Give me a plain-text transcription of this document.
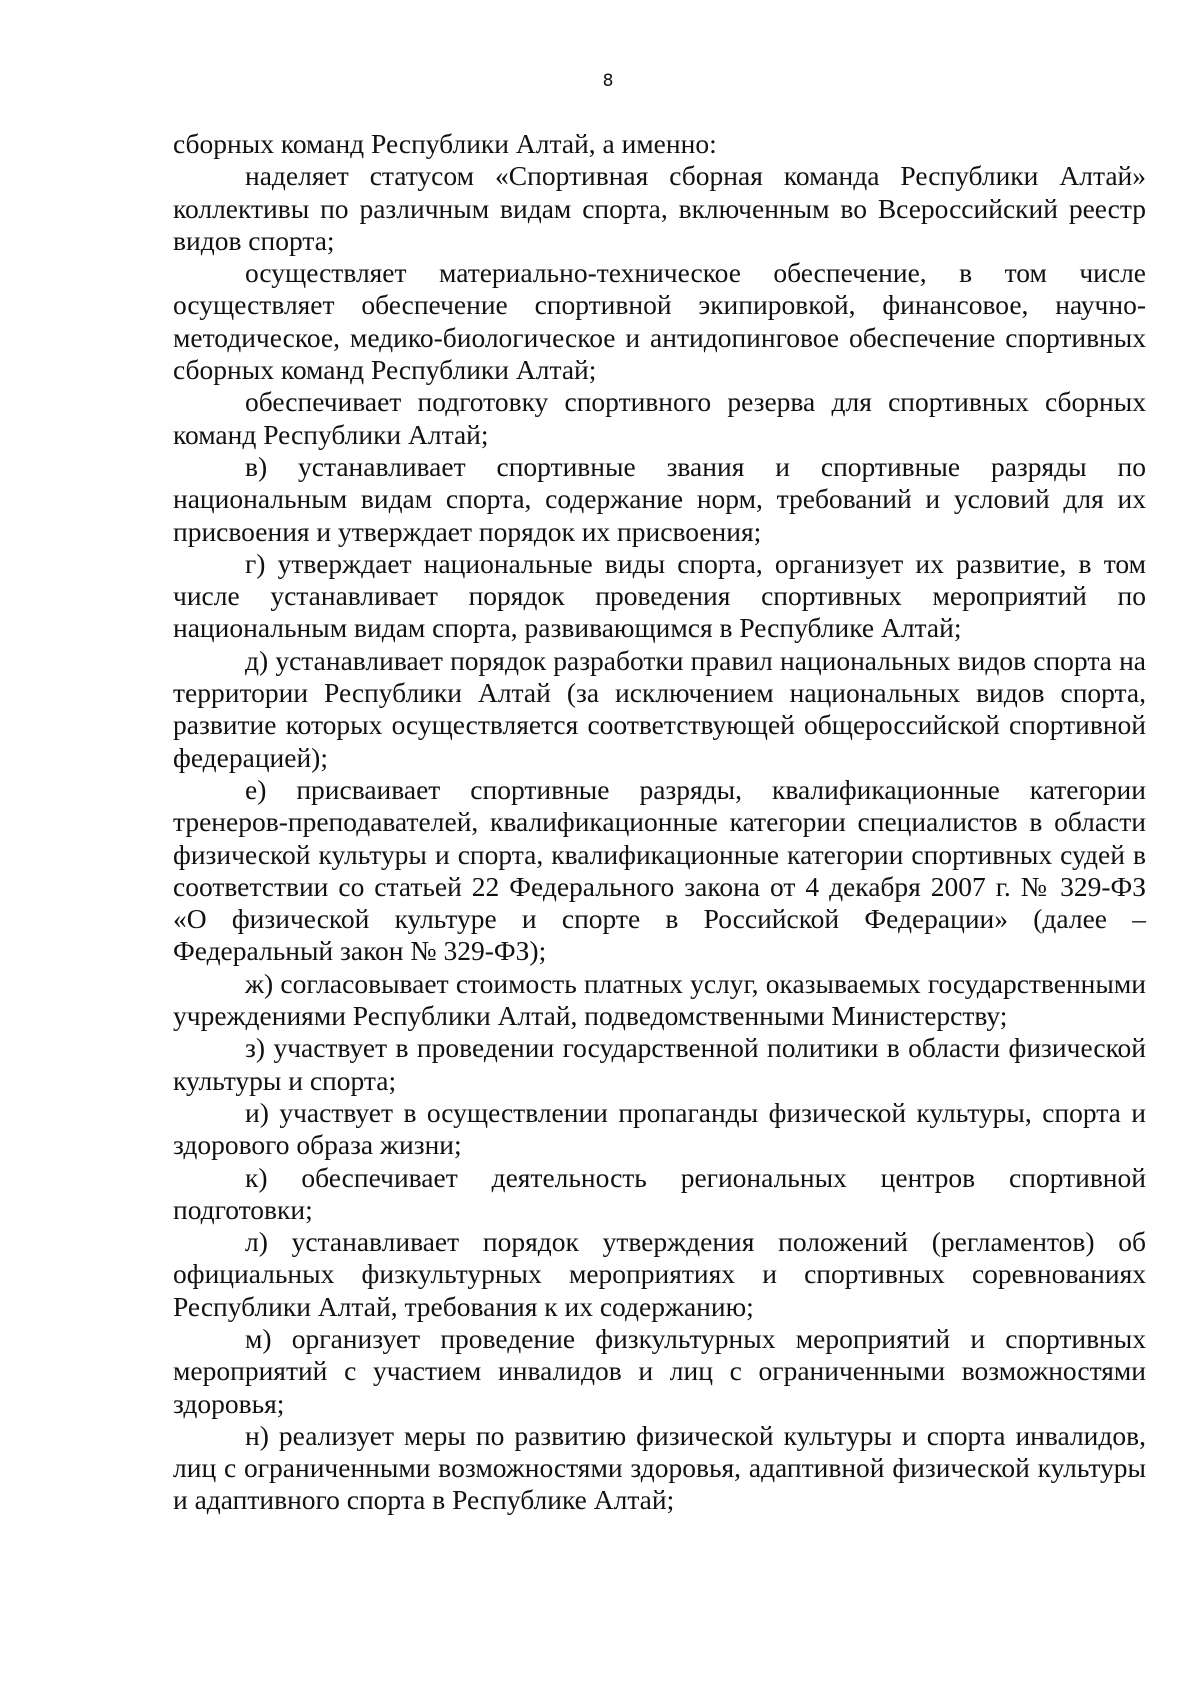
8

сборных команд Республики Алтай, а именно:

наделяет статусом «Спортивная сборная команда Республики Алтай» коллективы по различным видам спорта, включенным во Всероссийский реестр видов спорта;

осуществляет материально-техническое обеспечение, в том числе осуществляет обеспечение спортивной экипировкой, финансовое, научно-методическое, медико-биологическое и антидопинговое обеспечение спортивных сборных команд Республики Алтай;

обеспечивает подготовку спортивного резерва для спортивных сборных команд Республики Алтай;

в) устанавливает спортивные звания и спортивные разряды по национальным видам спорта, содержание норм, требований и условий для их присвоения и утверждает порядок их присвоения;

г) утверждает национальные виды спорта, организует их развитие, в том числе устанавливает порядок проведения спортивных мероприятий по национальным видам спорта, развивающимся в Республике Алтай;

д) устанавливает порядок разработки правил национальных видов спорта на территории Республики Алтай (за исключением национальных видов спорта, развитие которых осуществляется соответствующей общероссийской спортивной федерацией);

е) присваивает спортивные разряды, квалификационные категории тренеров-преподавателей, квалификационные категории специалистов в области физической культуры и спорта, квалификационные категории спортивных судей в соответствии со статьей 22 Федерального закона от 4 декабря 2007 г. № 329-ФЗ «О физической культуре и спорте в Российской Федерации» (далее – Федеральный закон № 329-ФЗ);

ж) согласовывает стоимость платных услуг, оказываемых государственными учреждениями Республики Алтай, подведомственными Министерству;

з) участвует в проведении государственной политики в области физической культуры и спорта;

и) участвует в осуществлении пропаганды физической культуры, спорта и здорового образа жизни;

к) обеспечивает деятельность региональных центров спортивной подготовки;

л) устанавливает порядок утверждения положений (регламентов) об официальных физкультурных мероприятиях и спортивных соревнованиях Республики Алтай, требования к их содержанию;

м) организует проведение физкультурных мероприятий и спортивных мероприятий с участием инвалидов и лиц с ограниченными возможностями здоровья;

н) реализует меры по развитию физической культуры и спорта инвалидов, лиц с ограниченными возможностями здоровья, адаптивной физической культуры и адаптивного спорта в Республике Алтай;
